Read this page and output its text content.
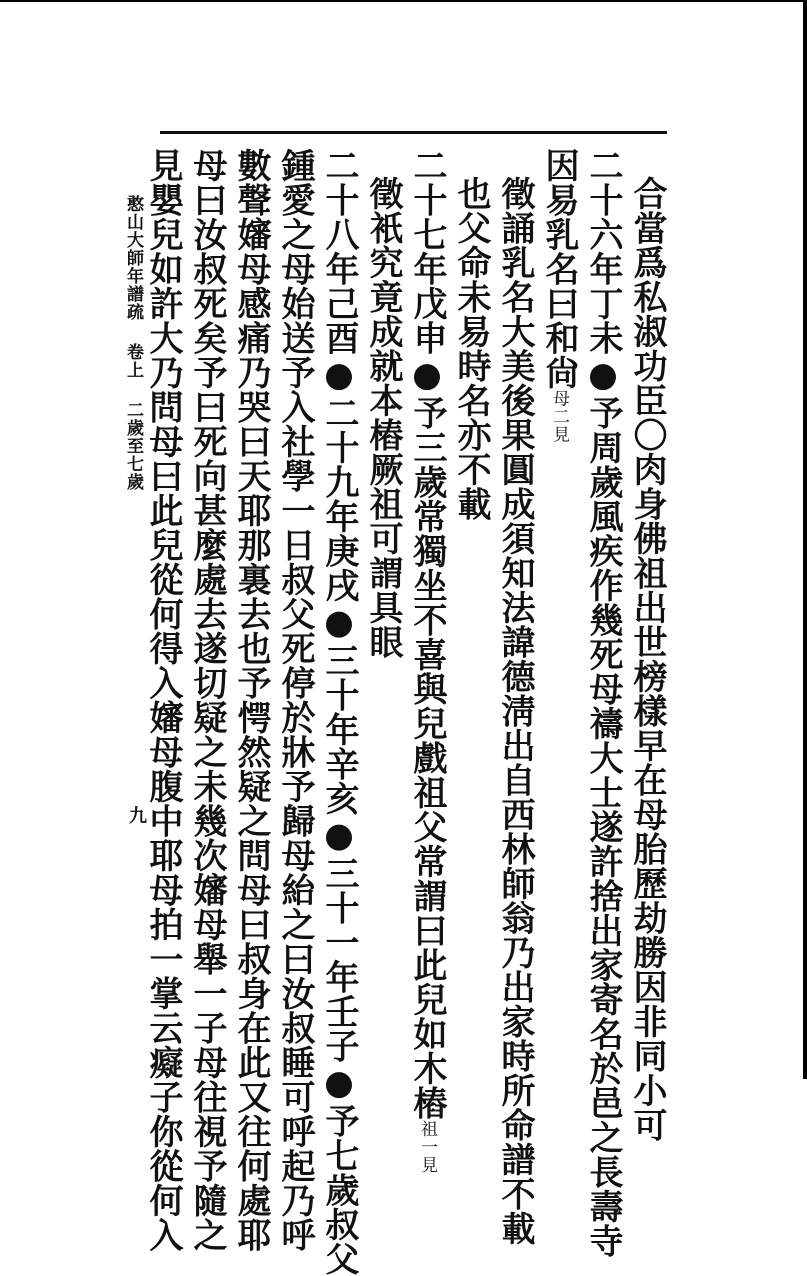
合當爲私淑功臣〇肉身佛祖出世榜樣早在母胎歷劫勝因非同小可
二十六年丁未●予周歲風疾作幾死母禱大士遂許捨出家寄名於邑之長壽寺
因易乳名曰和尙母二見
徵誦乳名大美後果圓成須知法諱德淸出自西林師翁乃出家時所命譜不載
也父命未易時名亦不載
二十七年戊申●予三歲常獨坐不喜與兒戲祖父常謂曰此兒如木樁祖一見
徵衹究竟成就本樁厥祖可謂具眼
二十八年己酉●二十九年庚戌●三十年辛亥●三十一年壬子●予七歲叔父
鍾愛之母始送予入社學一日叔父死停於牀予歸母紿之曰汝叔睡可呼起乃呼
數聲嬸母感痛乃哭曰天耶那裏去也予愕然疑之問母曰叔身在此又往何處耶
母曰汝叔死矣予曰死向甚麼處去遂切疑之未幾次嬸母舉一子母往視予隨之
見嬰兒如許大乃問母曰此兒從何得入嬸母腹中耶母拍一掌云癡子你從何入
憨山大師年譜疏卷上二歲至七歲
九
